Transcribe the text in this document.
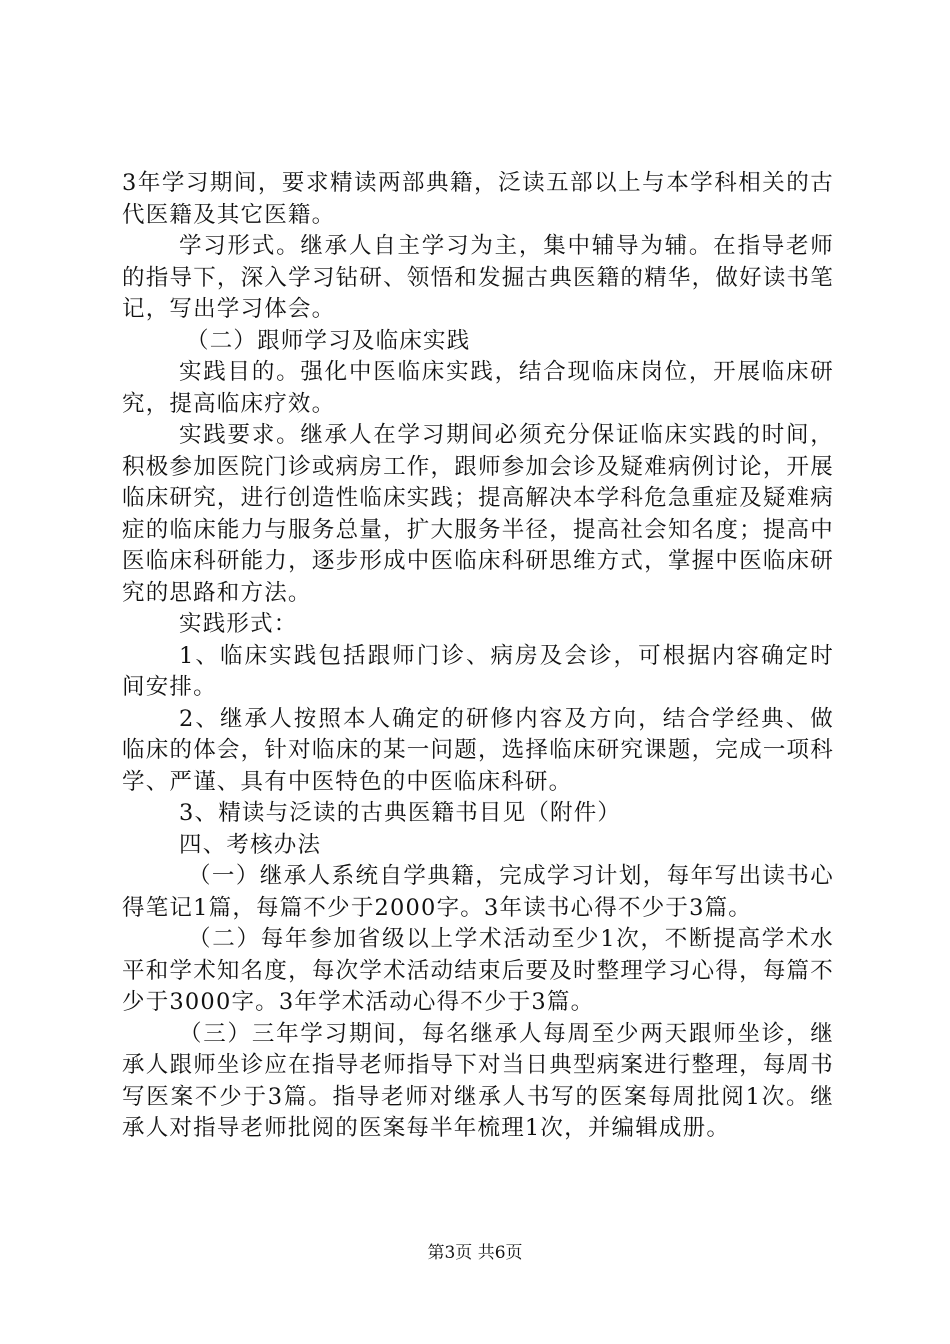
3年学习期间，要求精读两部典籍，泛读五部以上与本学科相关的古代医籍及其它医籍。

学习形式。继承人自主学习为主，集中辅导为辅。在指导老师的指导下，深入学习钻研、领悟和发掘古典医籍的精华，做好读书笔记，写出学习体会。

（二）跟师学习及临床实践

实践目的。强化中医临床实践，结合现临床岗位，开展临床研究，提高临床疗效。

实践要求。继承人在学习期间必须充分保证临床实践的时间，积极参加医院门诊或病房工作，跟师参加会诊及疑难病例讨论，开展临床研究，进行创造性临床实践；提高解决本学科危急重症及疑难病症的临床能力与服务总量，扩大服务半径，提高社会知名度；提高中医临床科研能力，逐步形成中医临床科研思维方式，掌握中医临床研究的思路和方法。

实践形式：

1、临床实践包括跟师门诊、病房及会诊，可根据内容确定时间安排。

2、继承人按照本人确定的研修内容及方向，结合学经典、做临床的体会，针对临床的某一问题，选择临床研究课题，完成一项科学、严谨、具有中医特色的中医临床科研。

3、精读与泛读的古典医籍书目见（附件）

四、考核办法

（一）继承人系统自学典籍，完成学习计划，每年写出读书心得笔记1篇，每篇不少于2000字。3年读书心得不少于3篇。

（二）每年参加省级以上学术活动至少1次，不断提高学术水平和学术知名度，每次学术活动结束后要及时整理学习心得，每篇不少于3000字。3年学术活动心得不少于3篇。

（三）三年学习期间，每名继承人每周至少两天跟师坐诊，继承人跟师坐诊应在指导老师指导下对当日典型病案进行整理，每周书写医案不少于3篇。指导老师对继承人书写的医案每周批阅1次。继承人对指导老师批阅的医案每半年梳理1次，并编辑成册。

第3页 共6页
